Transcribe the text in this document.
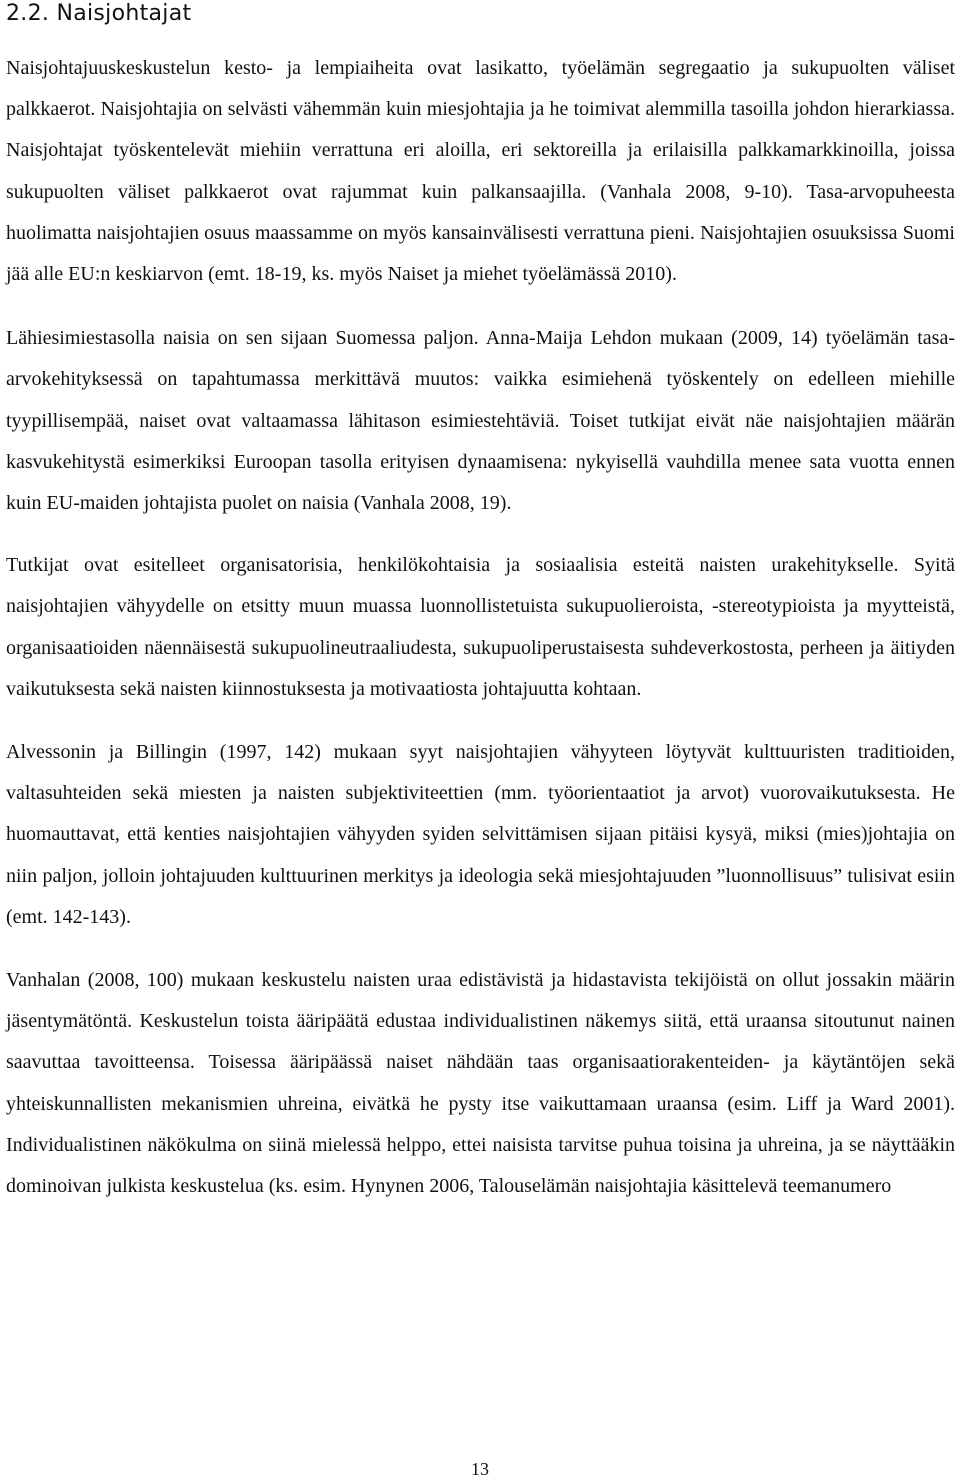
2.2. Naisjohtajat

Naisjohtajuuskeskustelun kesto- ja lempiaiheita ovat lasikatto, työelämän segregaatio ja sukupuolten väliset palkkaerot. Naisjohtajia on selvästi vähemmän kuin miesjohtajia ja he toimivat alemmilla tasoilla johdon hierarkiassa. Naisjohtajat työskentelevät miehiin verrattuna eri aloilla, eri sektoreilla ja erilaisilla palkkamarkkinoilla, joissa sukupuolten väliset palkkaerot ovat rajummat kuin palkansaajilla. (Vanhala 2008, 9-10). Tasa-arvopuheesta huolimatta naisjohtajien osuus maassamme on myös kansainvälisesti verrattuna pieni. Naisjohtajien osuuksissa Suomi jää alle EU:n keskiarvon (emt. 18-19, ks. myös Naiset ja miehet työelämässä 2010).

Lähiesimiestasolla naisia on sen sijaan Suomessa paljon. Anna-Maija Lehdon mukaan (2009, 14) työelämän tasa-arvokehityksessä on tapahtumassa merkittävä muutos: vaikka esimiehenä työskentely on edelleen miehille tyypillisempää, naiset ovat valtaamassa lähitason esimiestehtäviä. Toiset tutkijat eivät näe naisjohtajien määrän kasvukehitystä esimerkiksi Euroopan tasolla erityisen dynaamisena: nykyisellä vauhdilla menee sata vuotta ennen kuin EU-maiden johtajista puolet on naisia (Vanhala 2008, 19).

Tutkijat ovat esitelleet organisatorisia, henkilökohtaisia ja sosiaalisia esteitä naisten urakehitykselle. Syitä naisjohtajien vähyydelle on etsitty muun muassa luonnollistetuista sukupuolieroista, -stereotypioista ja myytteistä, organisaatioiden näennäisestä sukupuolineutraaliudesta, sukupuoliperustaisesta suhdeverkostosta, perheen ja äitiyden vaikutuksesta sekä naisten kiinnostuksesta ja motivaatiosta johtajuutta kohtaan.

Alvessonin ja Billingin (1997, 142) mukaan syyt naisjohtajien vähyyteen löytyvät kulttuuristen traditioiden, valtasuhteiden sekä miesten ja naisten subjektiviteettien (mm. työorientaatiot ja arvot) vuorovaikutuksesta. He huomauttavat, että kenties naisjohtajien vähyyden syiden selvittämisen sijaan pitäisi kysyä, miksi (mies)johtajia on niin paljon, jolloin johtajuuden kulttuurinen merkitys ja ideologia sekä miesjohtajuuden ”luonnollisuus” tulisivat esiin (emt. 142-143).

Vanhalan (2008, 100) mukaan keskustelu naisten uraa edistävistä ja hidastavista tekijöistä on ollut jossakin määrin jäsentymätöntä. Keskustelun toista ääripäätä edustaa individualistinen näkemys siitä, että uraansa sitoutunut nainen saavuttaa tavoitteensa. Toisessa ääripäässä naiset nähdään taas organisaatiorakenteiden- ja käytäntöjen sekä yhteiskunnallisten mekanismien uhreina, eivätkä he pysty itse vaikuttamaan uraansa (esim. Liff ja Ward 2001). Individualistinen näkökulma on siinä mielessä helppo, ettei naisista tarvitse puhua toisina ja uhreina, ja se näyttääkin dominoivan julkista keskustelua (ks. esim. Hynynen 2006, Talouselämän naisjohtajia käsittelevä teemanumero

13
